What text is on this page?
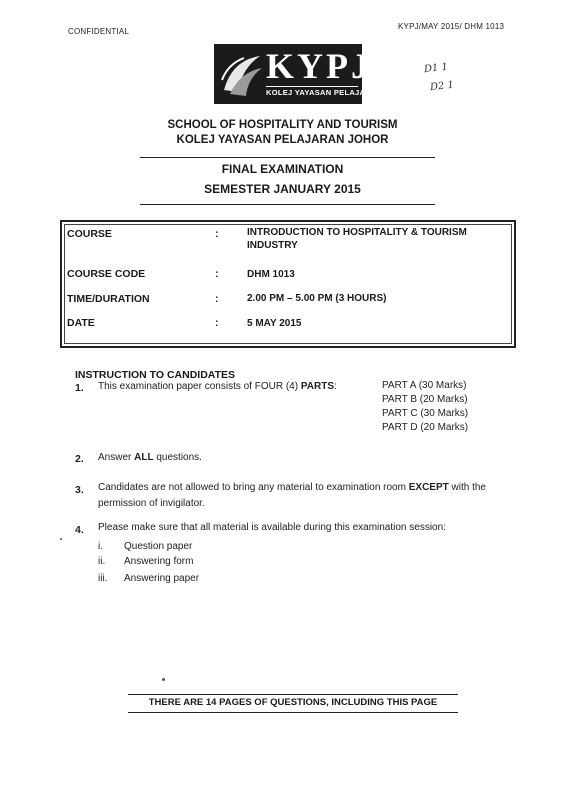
CONFIDENTIAL
KYPJ/MAY 2015/ DHM 1013
KYPJ
KOLEJ YAYASAN PELAJARAN JOHOR
D1 1
D2 1
SCHOOL OF HOSPITALITY AND TOURISM
KOLEJ YAYASAN PELAJARAN JOHOR
FINAL EXAMINATION
SEMESTER JANUARY 2015
COURSE	:	INTRODUCTION TO HOSPITALITY & TOURISM
INDUSTRY
COURSE CODE	:	DHM 1013
TIME/DURATION	:	2.00 PM – 5.00 PM (3 HOURS)
DATE	:	5 MAY 2015
INSTRUCTION TO CANDIDATES
1. This examination paper consists of FOUR (4) PARTS:	PART A (30 Marks)
PART B (20 Marks)
PART C (30 Marks)
PART D (20 Marks)
2. Answer ALL questions.
3. Candidates are not allowed to bring any material to examination room EXCEPT with the
permission of invigilator.
4. Please make sure that all material is available during this examination session:
i. Question paper
ii. Answering form
iii. Answering paper
THERE ARE 14 PAGES OF QUESTIONS, INCLUDING THIS PAGE
